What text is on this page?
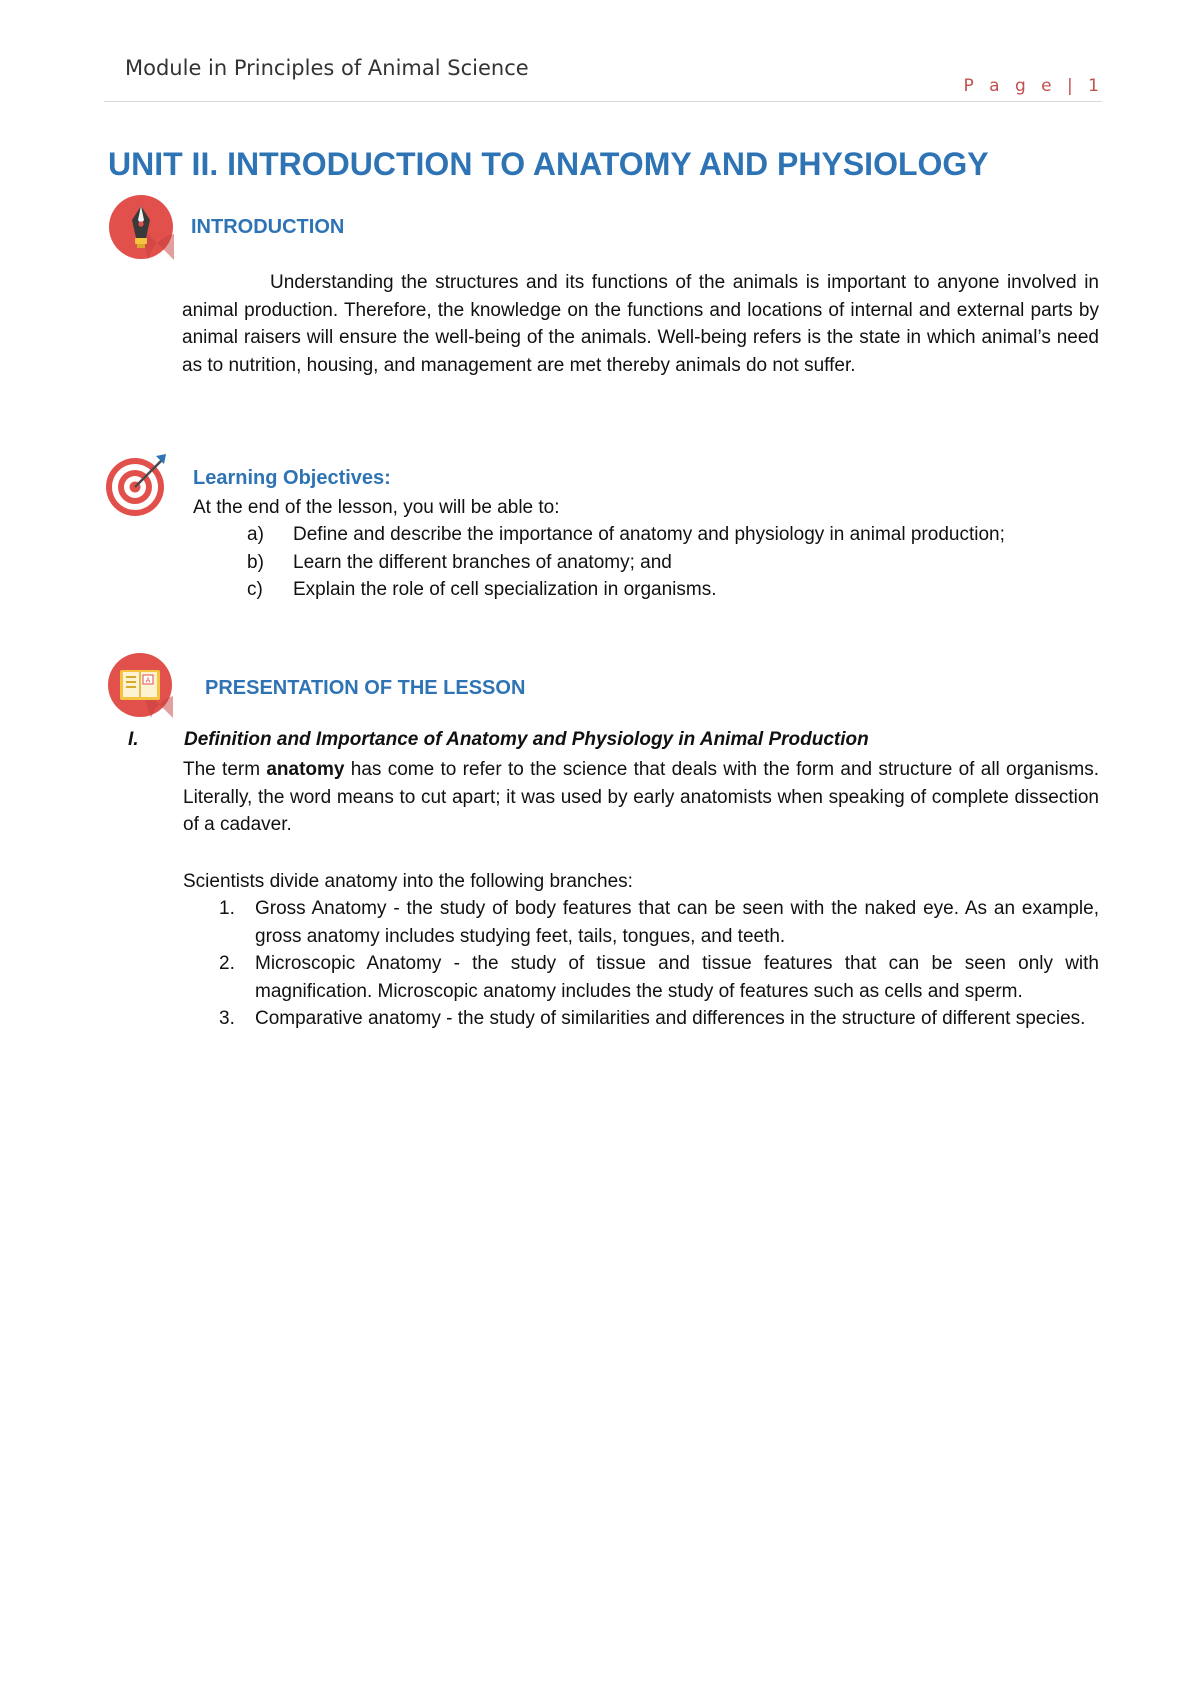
Module in Principles of Animal Science
P a g e | 1
UNIT II. INTRODUCTION TO ANATOMY AND PHYSIOLOGY
INTRODUCTION

Understanding the structures and its functions of the animals is important to anyone involved in animal production. Therefore, the knowledge on the functions and locations of internal and external parts by animal raisers will ensure the well-being of the animals. Well-being refers is the state in which animal’s need as to nutrition, housing, and management are met thereby animals do not suffer.

Learning Objectives:
At the end of the lesson, you will be able to:
a) Define and describe the importance of anatomy and physiology in animal production;
b) Learn the different branches of anatomy; and
c) Explain the role of cell specialization in organisms.
A	PRESENTATION OF THE LESSON
I. Definition and Importance of Anatomy and Physiology in Animal Production

The term anatomy has come to refer to the science that deals with the form and structure of all organisms. Literally, the word means to cut apart; it was used by early anatomists when speaking of complete dissection of a cadaver.

Scientists divide anatomy into the following branches:
1. Gross Anatomy - the study of body features that can be seen with the naked eye. As an example, gross anatomy includes studying feet, tails, tongues, and teeth.
2. Microscopic Anatomy - the study of tissue and tissue features that can be seen only with magnification. Microscopic anatomy includes the study of features such as cells and sperm.
3. Comparative anatomy - the study of similarities and differences in the structure of different species.
